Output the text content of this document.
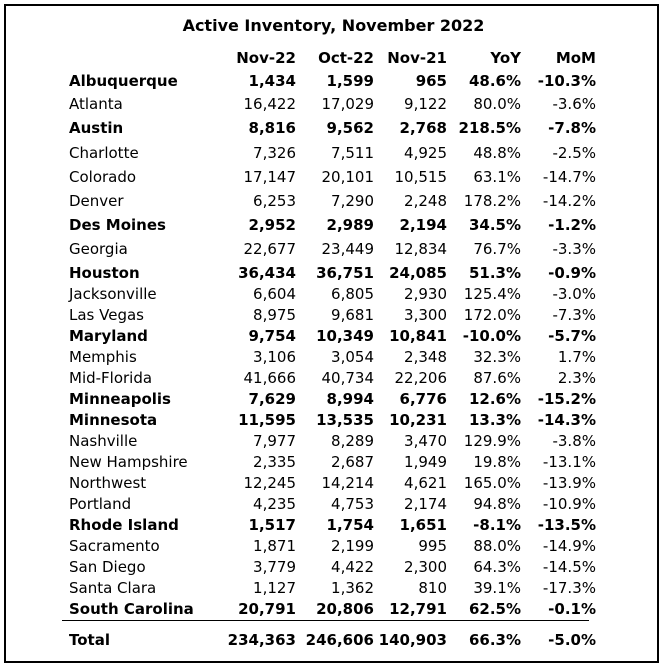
Active Inventory, November 2022
Nov-22 Oct-22 Nov-21	YoY MoM
Albuquerque	1,434 1,599	965 48.6% -10.3%
Atlanta	16,422 17,029 9,122 80.0% -3.6%
Austin	8,816 9,562 2,768 218.5% -7.8%
Charlotte	7,326 7,511 4,925 48.8% -2.5%
Colorado	17,147 20,101 10,515 63.1% -14.7%
Denver	6,253 7,290 2,248 178.2% -14.2%
Des Moines	2,952 2,989 2,194 34.5% -1.2%
Georgia	22,677 23,449 12,834 76.7% -3.3%
Houston	36,434 36,751 24,085 51.3% -0.9%
Jacksonville	6,604 6,805 2,930 125.4% -3.0%
Las Vegas	8,975 9,681 3,300 172.0% -7.3%
Maryland	9,754 10,349 10,841 -10.0% -5.7%
Memphis	3,106 3,054 2,348 32.3% 1.7%
Mid-Florida	41,666 40,734 22,206 87.6% 2.3%
Minneapolis	7,629 8,994 6,776 12.6% -15.2%
Minnesota	11,595 13,535 10,231 13.3% -14.3%
Nashville	7,977 8,289 3,470 129.9% -3.8%
New Hampshire	2,335 2,687 1,949 19.8% -13.1%
Northwest	12,245 14,214 4,621 165.0% -13.9%
Portland	4,235 4,753 2,174 94.8% -10.9%
Rhode Island	1,517 1,754 1,651 -8.1% -13.5%
Sacramento	1,871 2,199	995 88.0% -14.9%
San Diego	3,779 4,422 2,300 64.3% -14.5%
Santa Clara	1,127 1,362	810 39.1% -17.3%
South Carolina	20,791 20,806 12,791 62.5% -0.1%
Total	234,363 246,606 140,903 66.3% -5.0%
